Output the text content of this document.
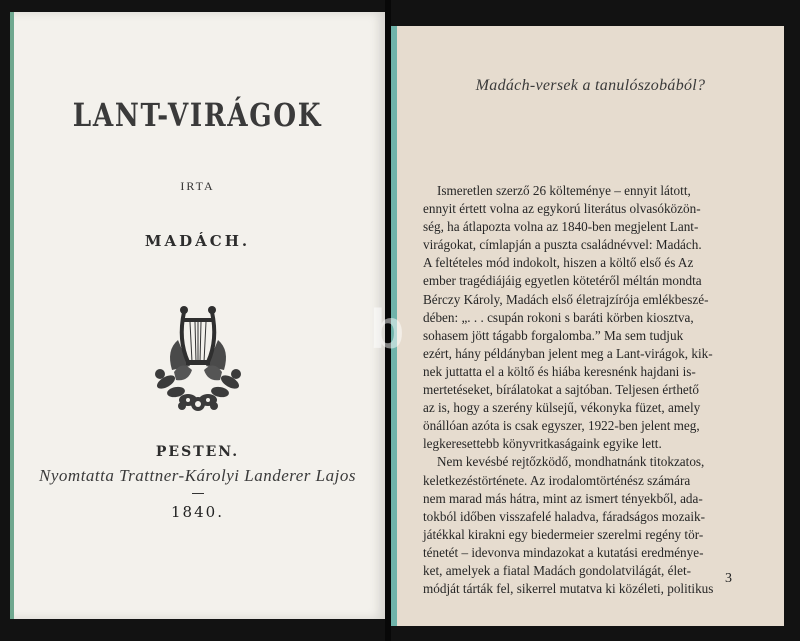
LANT-VIRÁGOK
IRTA
MADÁCH.
PESTEN.
Nyomtatta Trattner-Károlyi Landerer Lajos
1840.
Madách-versek a tanulószobából?
Ismeretlen szerző 26 költeménye – ennyit látott,
ennyit értett volna az egykorú literátus olvasóközön-
ség, ha átlapozta volna az 1840-ben megjelent Lant-
virágokat, címlapján a puszta családnévvel: Madách.
A feltételes mód indokolt, hiszen a költő első és Az
ember tragédiájáig egyetlen kötetéről méltán mondta
Bérczy Károly, Madách első életrajzírója emlékbeszé-
dében: „. . . csupán rokoni s baráti körben kiosztva,
sohasem jött tágabb forgalomba.” Ma sem tudjuk
ezért, hány példányban jelent meg a Lant-virágok, kik-
nek juttatta el a költő és hiába keresnénk hajdani is-
mertetéseket, bírálatokat a sajtóban. Teljesen érthető
az is, hogy a szerény külsejű, vékonyka füzet, amely
önállóan azóta is csak egyszer, 1922-ben jelent meg,
legkeresettebb könyvritkaságaink egyike lett.
Nem kevésbé rejtőzködő, mondhatnánk titokzatos,
keletkezéstörténete. Az irodalomtörténész számára
nem marad más hátra, mint az ismert tényekből, ada-
tokból időben visszafelé haladva, fáradságos mozaik-
játékkal kirakni egy biedermeier szerelmi regény tör-
ténetét – idevonva mindazokat a kutatási eredménye-
ket, amelyek a fiatal Madách gondolatvilágát, élet-
módját tárták fel, sikerrel mutatva ki közéleti, politikus
3
b
